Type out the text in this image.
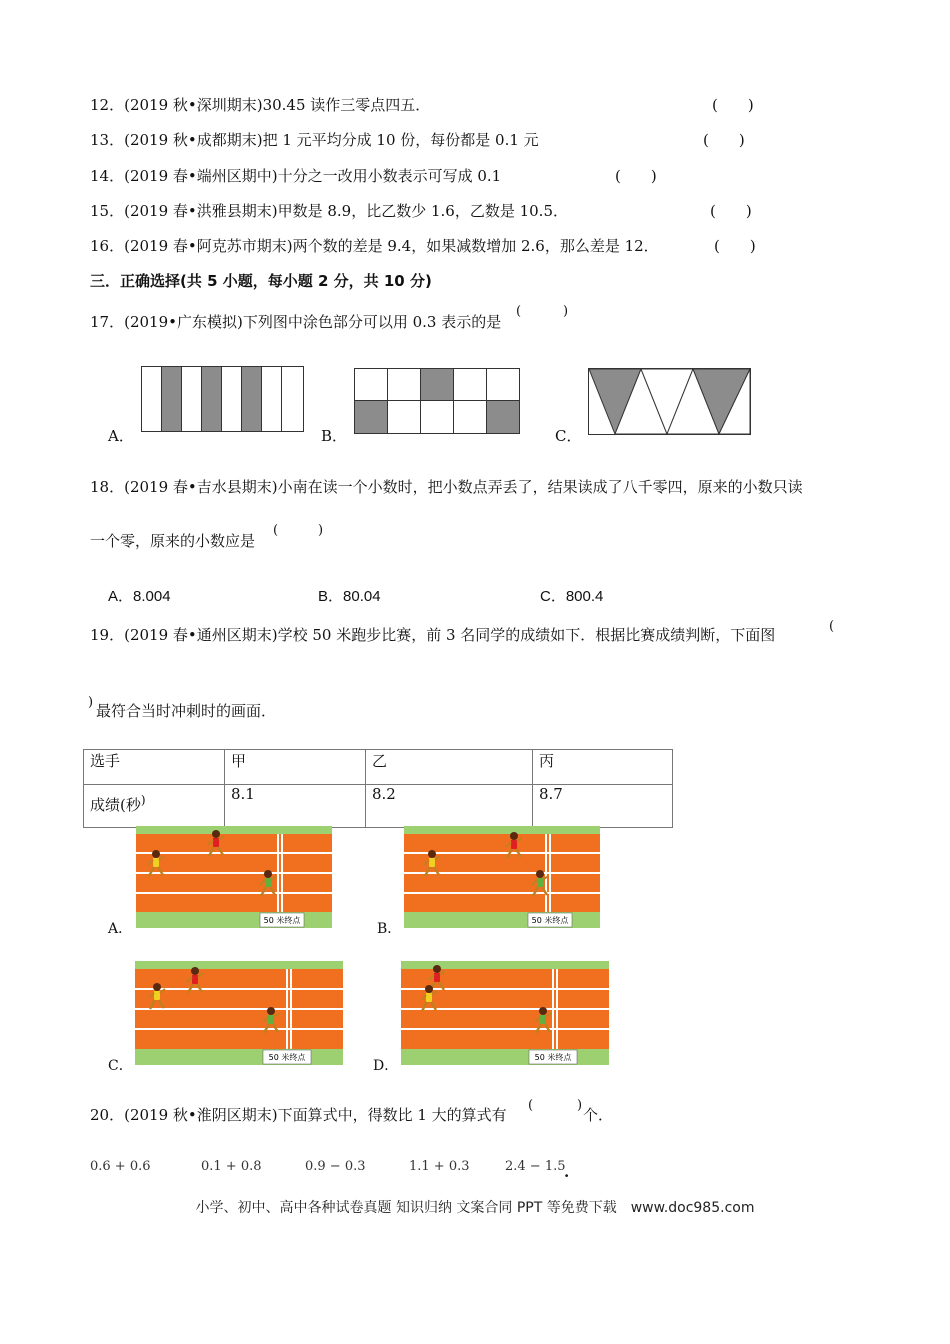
12．(2019 秋•深圳期末)30.45 读作三零点四五．	(　　)
13．(2019 秋•成都期末)把 1 元平均分成 10 份，每份都是 0.1 元	(　　)
14．(2019 春•端州区期中)十分之一改用小数表示可写成 0.1	(　　)
15．(2019 春•洪雅县期末)甲数是 8.9，比乙数少 1.6，乙数是 10.5．	(　　)
16．(2019 春•阿克苏市期末)两个数的差是 9.4，如果减数增加 2.6，那么差是 12．	(　　)
三．正确选择(共 5 小题，每小题 2 分，共 10 分)
17．(2019•广东模拟)下列图中涂色部分可以用 0.3 表示的是
(	)
A．	B．	C．
18．(2019 春•吉水县期末)小南在读一个小数时，把小数点弄丢了，结果读成了八千零四，原来的小数只读
一个零，原来的小数应是
(	)
A．8.004	B．80.04	C．800.4
19．(2019 春•通州区期末)学校 50 米跑步比赛，前 3 名同学的成绩如下．根据比赛成绩判断，下面图	(
) 最符合当时冲刺时的画面．
选手	甲	乙	丙
成绩(秒)	8.1	8.2	8.7
A．
50 米终点
B．
50 米终点
C．
50 米终点
D．
50 米终点
20．(2019 秋•淮阴区期末)下面算式中，得数比 1 大的算式有
(	)
个．
0.6 + 0.6	0.1 + 0.8	0.9 − 0.3	1.1 + 0.3	2.4 − 1.5
.
小学、初中、高中各种试卷真题 知识归纳 文案合同 PPT 等免费下载　www.doc985.com
